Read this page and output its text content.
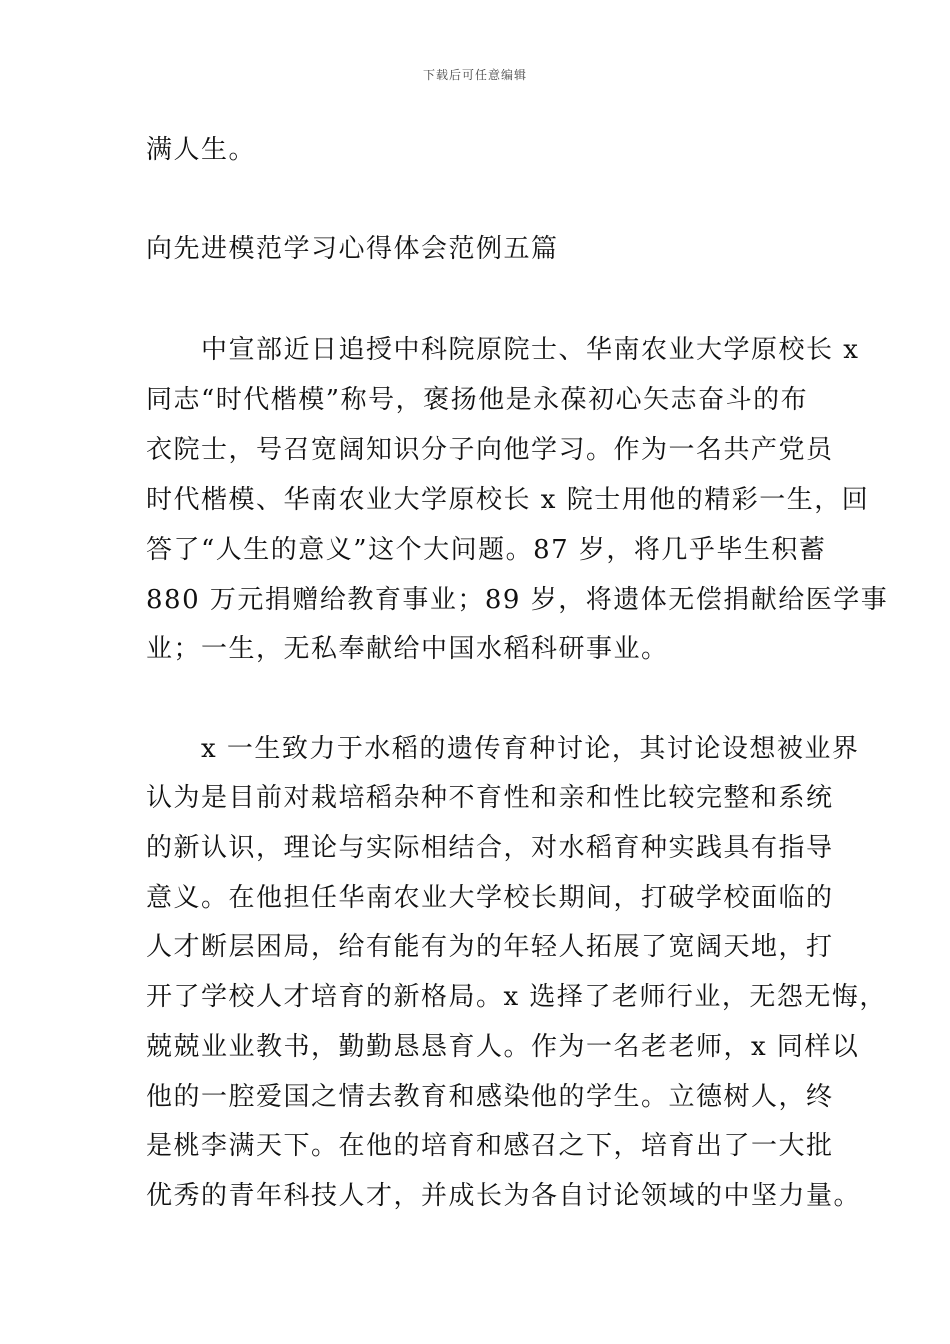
下载后可任意编辑
满人生。
向先进模范学习心得体会范例五篇
　　中宣部近日追授中科院原院士、华南农业大学原校长 x
同志“时代楷模”称号，褒扬他是永葆初心矢志奋斗的布
衣院士，号召宽阔知识分子向他学习。作为一名共产党员
时代楷模、华南农业大学原校长 x 院士用他的精彩一生，回
答了“人生的意义”这个大问题。87 岁，将几乎毕生积蓄
880 万元捐赠给教育事业；89 岁，将遗体无偿捐献给医学事
业；一生，无私奉献给中国水稻科研事业。
　　x 一生致力于水稻的遗传育种讨论，其讨论设想被业界
认为是目前对栽培稻杂种不育性和亲和性比较完整和系统
的新认识，理论与实际相结合，对水稻育种实践具有指导
意义。在他担任华南农业大学校长期间，打破学校面临的
人才断层困局，给有能有为的年轻人拓展了宽阔天地，打
开了学校人才培育的新格局。x 选择了老师行业，无怨无悔，
兢兢业业教书，勤勤恳恳育人。作为一名老老师，x 同样以
他的一腔爱国之情去教育和感染他的学生。立德树人，终
是桃李满天下。在他的培育和感召之下，培育出了一大批
优秀的青年科技人才，并成长为各自讨论领域的中坚力量。
